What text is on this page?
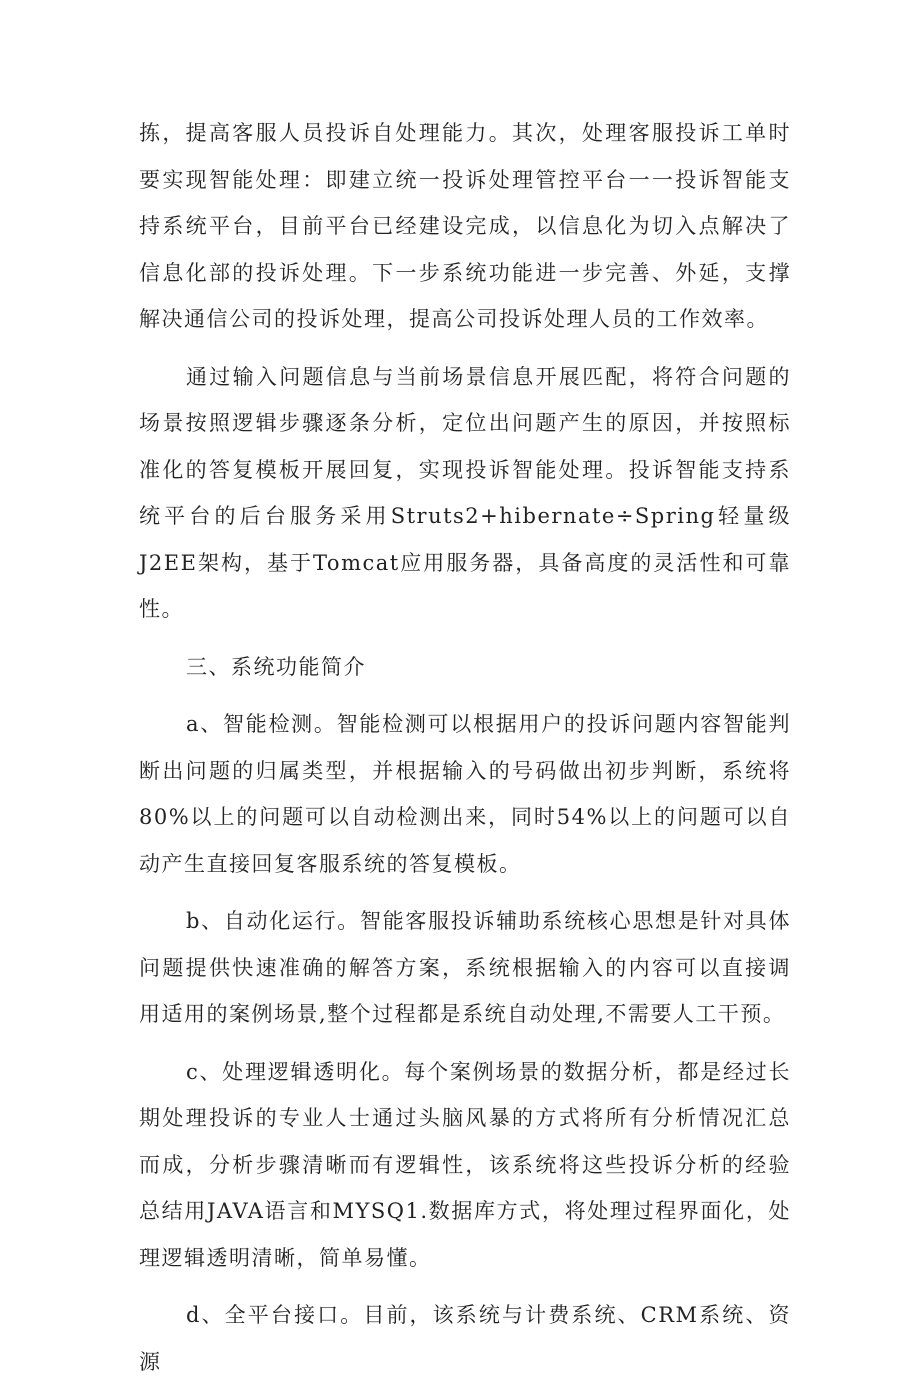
拣，提高客服人员投诉自处理能力。其次，处理客服投诉工单时要实现智能处理：即建立统一投诉处理管控平台一一投诉智能支持系统平台，目前平台已经建设完成，以信息化为切入点解决了信息化部的投诉处理。下一步系统功能进一步完善、外延，支撑解决通信公司的投诉处理，提高公司投诉处理人员的工作效率。

通过输入问题信息与当前场景信息开展匹配，将符合问题的场景按照逻辑步骤逐条分析，定位出问题产生的原因，并按照标准化的答复模板开展回复，实现投诉智能处理。投诉智能支持系统平台的后台服务采用Struts2+hibernate÷Spring轻量级J2EE架构，基于Tomcat应用服务器，具备高度的灵活性和可靠性。

三、系统功能简介

a、智能检测。智能检测可以根据用户的投诉问题内容智能判断出问题的归属类型，并根据输入的号码做出初步判断，系统将80%以上的问题可以自动检测出来，同时54%以上的问题可以自动产生直接回复客服系统的答复模板。

b、自动化运行。智能客服投诉辅助系统核心思想是针对具体问题提供快速准确的解答方案，系统根据输入的内容可以直接调用适用的案例场景,整个过程都是系统自动处理,不需要人工干预。

c、处理逻辑透明化。每个案例场景的数据分析，都是经过长期处理投诉的专业人士通过头脑风暴的方式将所有分析情况汇总而成，分析步骤清晰而有逻辑性，该系统将这些投诉分析的经验总结用JAVA语言和MYSQ1.数据库方式，将处理过程界面化，处理逻辑透明清晰，简单易懂。

d、全平台接口。目前，该系统与计费系统、CRM系统、资源
